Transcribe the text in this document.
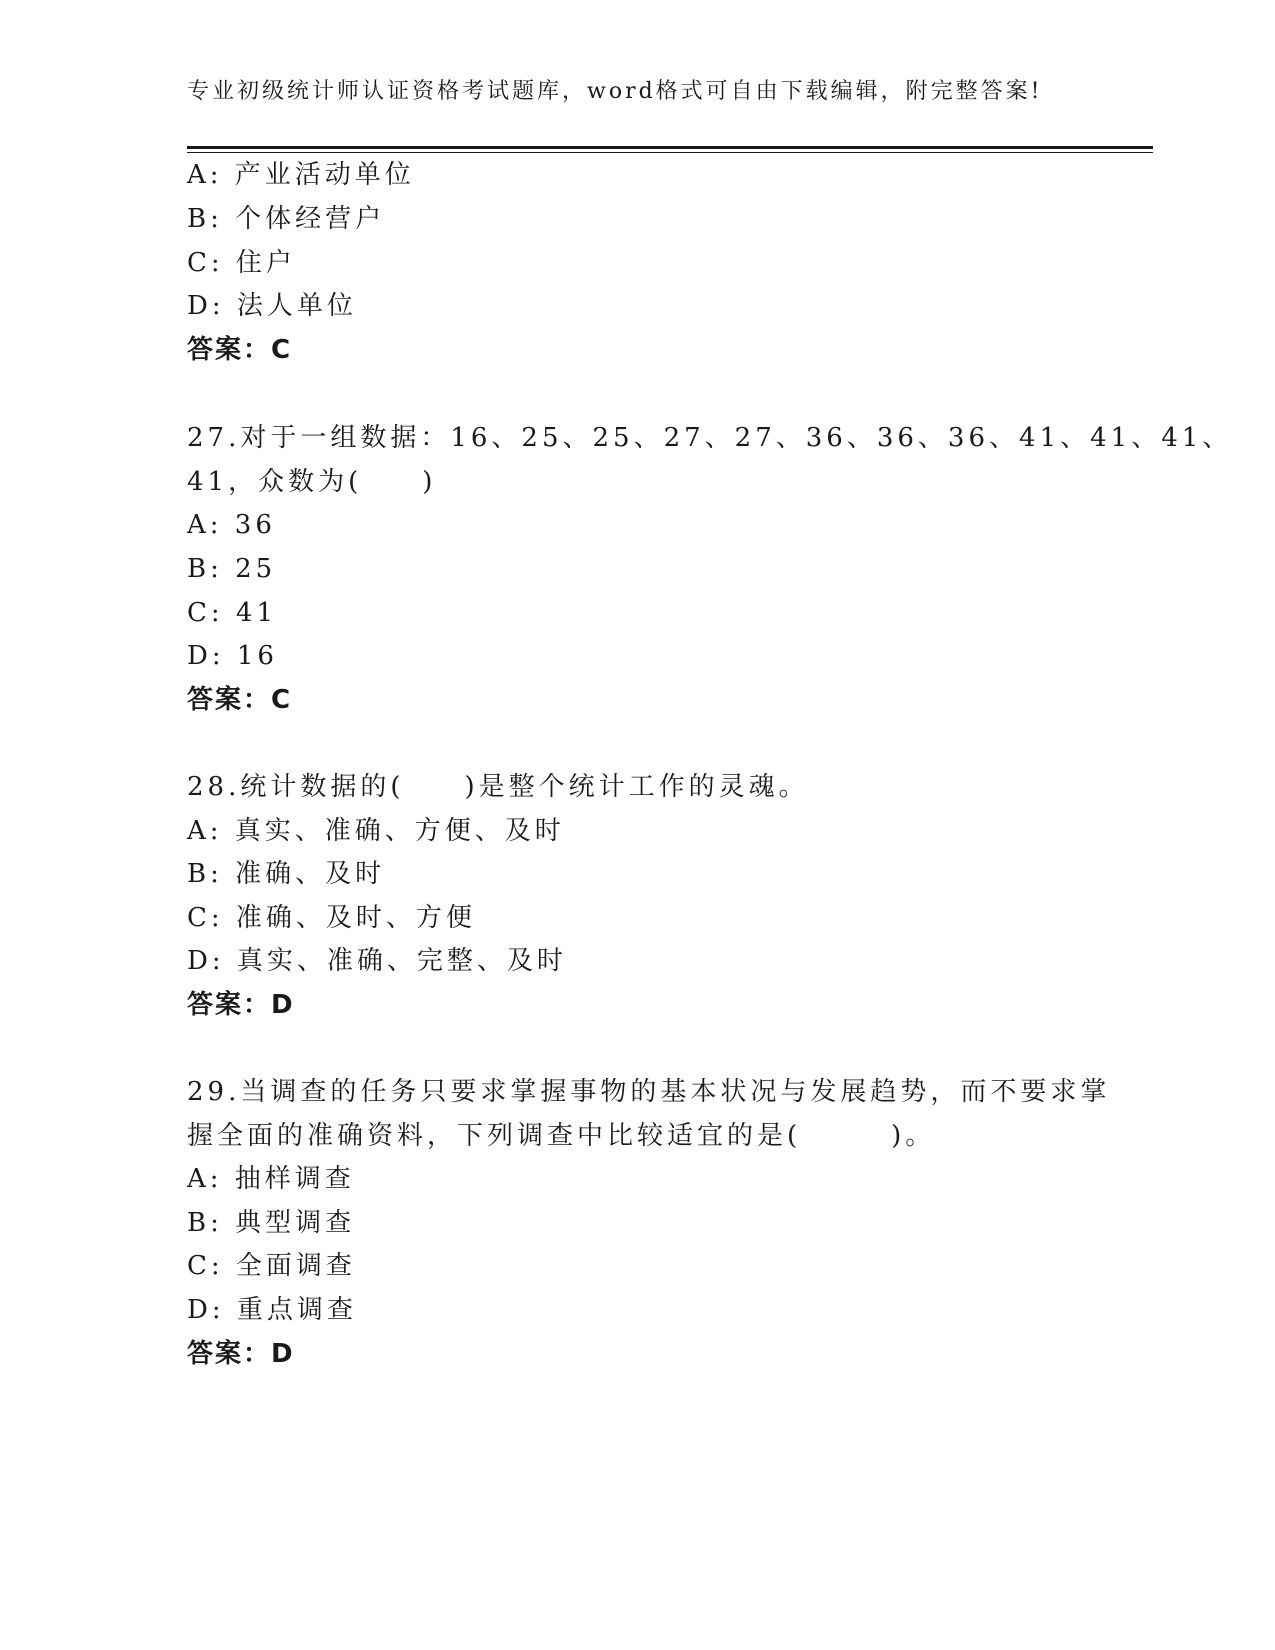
专业初级统计师认证资格考试题库，word格式可自由下载编辑，附完整答案!
A: 产业活动单位
B: 个体经营户
C: 住户
D: 法人单位
答案：C
27.对于一组数据：16、25、25、27、27、36、36、36、41、41、41、
41，众数为(　　)
A: 36
B: 25
C: 41
D: 16
答案：C
28.统计数据的(　　)是整个统计工作的灵魂。
A: 真实、准确、方便、及时
B: 准确、及时
C: 准确、及时、方便
D: 真实、准确、完整、及时
答案：D
29.当调查的任务只要求掌握事物的基本状况与发展趋势，而不要求掌
握全面的准确资料，下列调查中比较适宜的是(　　　)。
A: 抽样调查
B: 典型调查
C: 全面调查
D: 重点调查
答案：D
